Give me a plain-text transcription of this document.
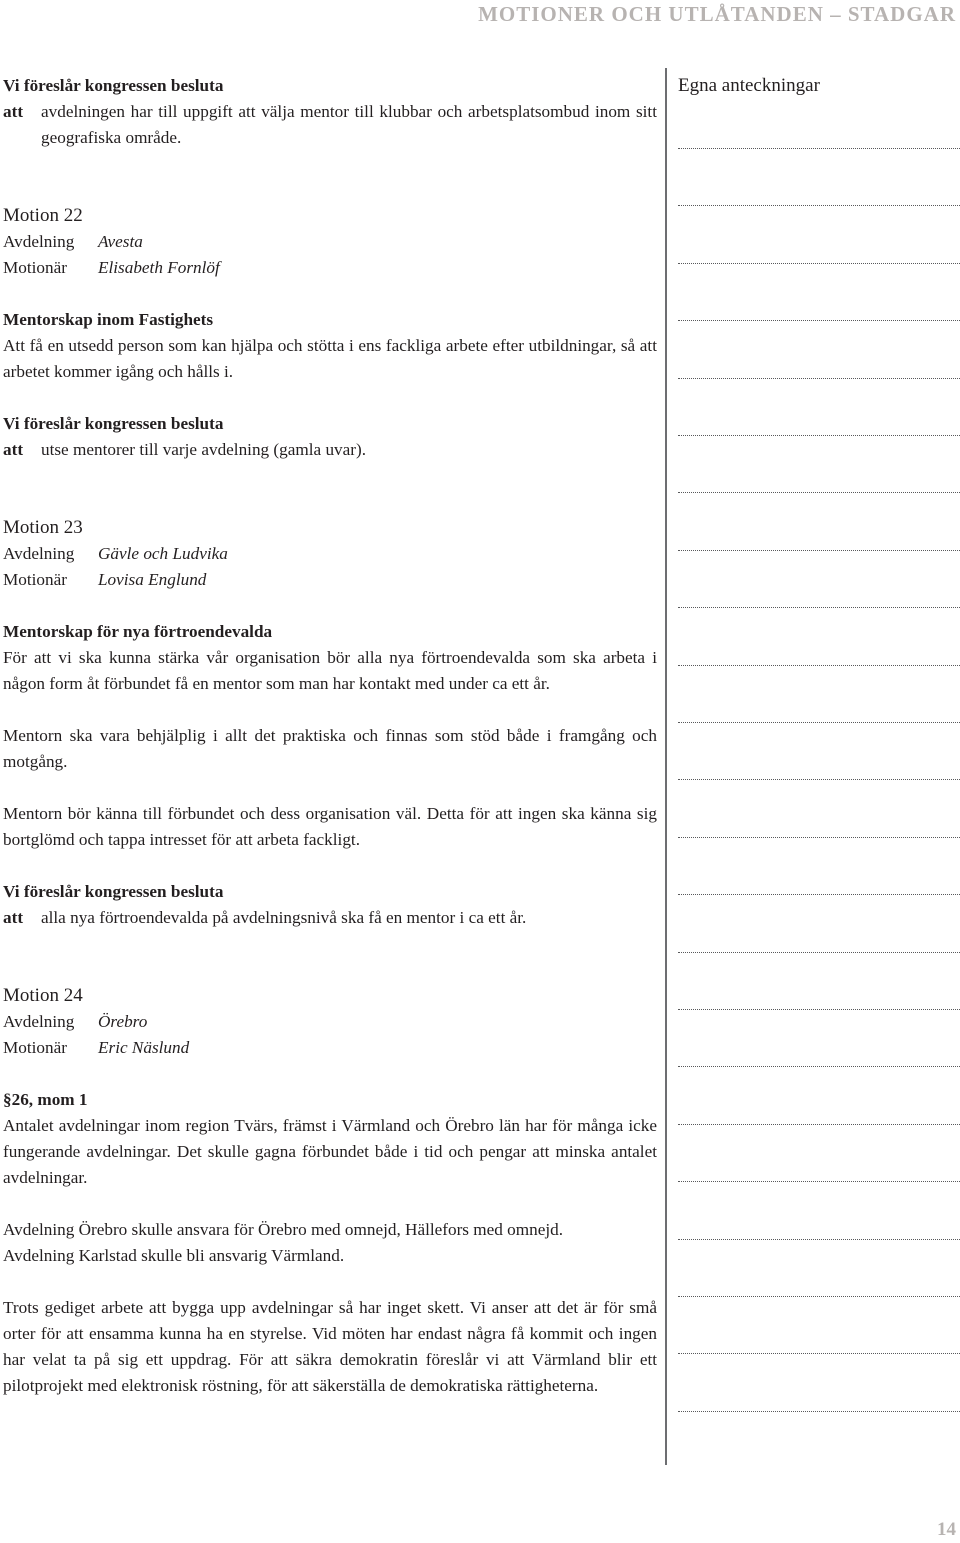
MOTIONER OCH UTLÅTANDEN – STADGAR
Vi föreslår kongressen besluta
att	avdelningen har till uppgift att välja mentor till klubbar och arbetsplatsombud inom sitt geografiska område.

Motion 22
Avdelning	Avesta
Motionär	Elisabeth Fornlöf
Mentorskap inom Fastighets

Att få en utsedd person som kan hjälpa och stötta i ens fackliga arbete efter utbildningar, så att arbetet kommer igång och hålls i.

Vi föreslår kongressen besluta
att	utse mentorer till varje avdelning (gamla uvar).

Motion 23
Avdelning	Gävle och Ludvika
Motionär	Lovisa Englund
Mentorskap för nya förtroendevalda

För att vi ska kunna stärka vår organisation bör alla nya förtroendevalda som ska arbeta i någon form åt förbundet få en mentor som man har kontakt med under ca ett år.

Mentorn ska vara behjälplig i allt det praktiska och finnas som stöd både i framgång och motgång.

Mentorn bör känna till förbundet och dess organisation väl. Detta för att ingen ska känna sig bortglömd och tappa intresset för att arbeta fackligt.

Vi föreslår kongressen besluta
att	alla nya förtroendevalda på avdelningsnivå ska få en mentor i ca ett år.

Motion 24
Avdelning	Örebro
Motionär	Eric Näslund
§26, mom 1

Antalet avdelningar inom region Tvärs, främst i Värmland och Örebro län har för många icke fungerande avdelningar. Det skulle gagna förbundet både i tid och pengar att minska antalet avdelningar.

Avdelning Örebro skulle ansvara för Örebro med omnejd, Hällefors med omnejd.

Avdelning Karlstad skulle bli ansvarig Värmland.

Trots gediget arbete att bygga upp avdelningar så har inget skett. Vi anser att det är för små orter för att ensamma kunna ha en styrelse. Vid möten har endast några få kommit och ingen har velat ta på sig ett uppdrag. För att säkra demokratin föreslår vi att Värmland blir ett pilotprojekt med elektronisk röstning, för att säkerställa de demokratiska rättigheterna.

Egna anteckningar
14
